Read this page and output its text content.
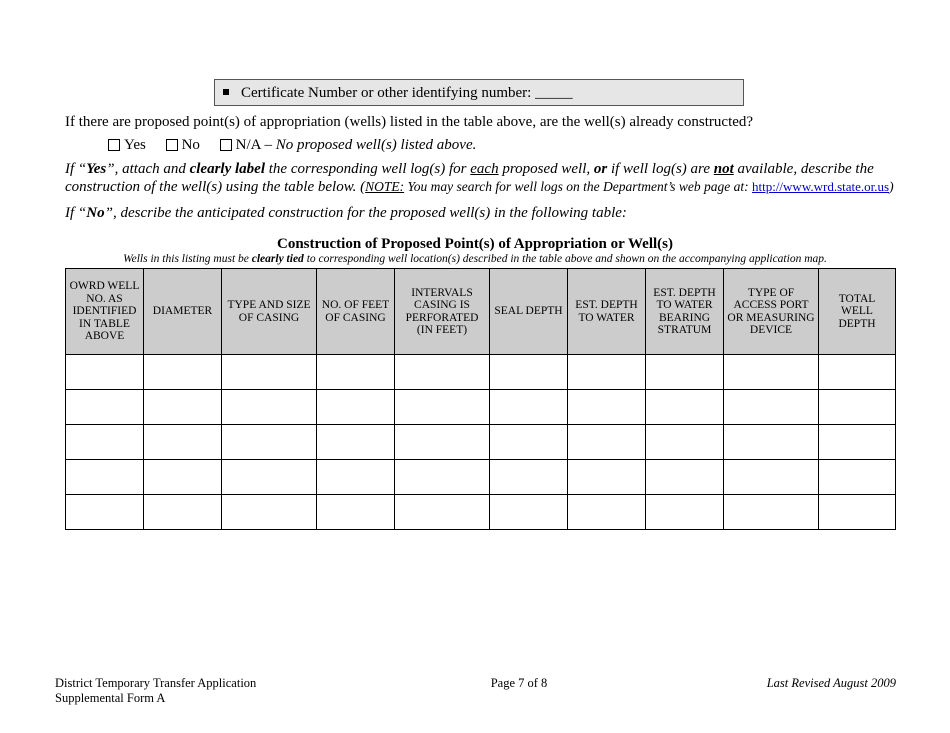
Certificate Number or other identifying number: _____
If there are proposed point(s) of appropriation (wells) listed in the table above, are the well(s) already constructed?
Yes No N/A – No proposed well(s) listed above.
If “Yes”, attach and clearly label the corresponding well log(s) for each proposed well, or if well log(s) are not available, describe the construction of the well(s) using the table below. (NOTE: You may search for well logs on the Department’s web page at: http://www.wrd.state.or.us)
If “No”, describe the anticipated construction for the proposed well(s) in the following table:
Construction of Proposed Point(s) of Appropriation or Well(s)
Wells in this listing must be clearly tied to corresponding well location(s) described in the table above and shown on the accompanying application map.
OWRD WELL NO. AS IDENTIFIED IN TABLE ABOVE	DIAMETER	TYPE AND SIZE OF CASING	NO. OF FEET OF CASING	INTERVALS CASING IS PERFORATED (IN FEET)	SEAL DEPTH	EST. DEPTH TO WATER	EST. DEPTH TO WATER BEARING STRATUM	TYPE OF ACCESS PORT OR MEASURING DEVICE	TOTAL WELL DEPTH

District Temporary Transfer Application
Supplemental Form A
Page 7 of 8	Last Revised August 2009
